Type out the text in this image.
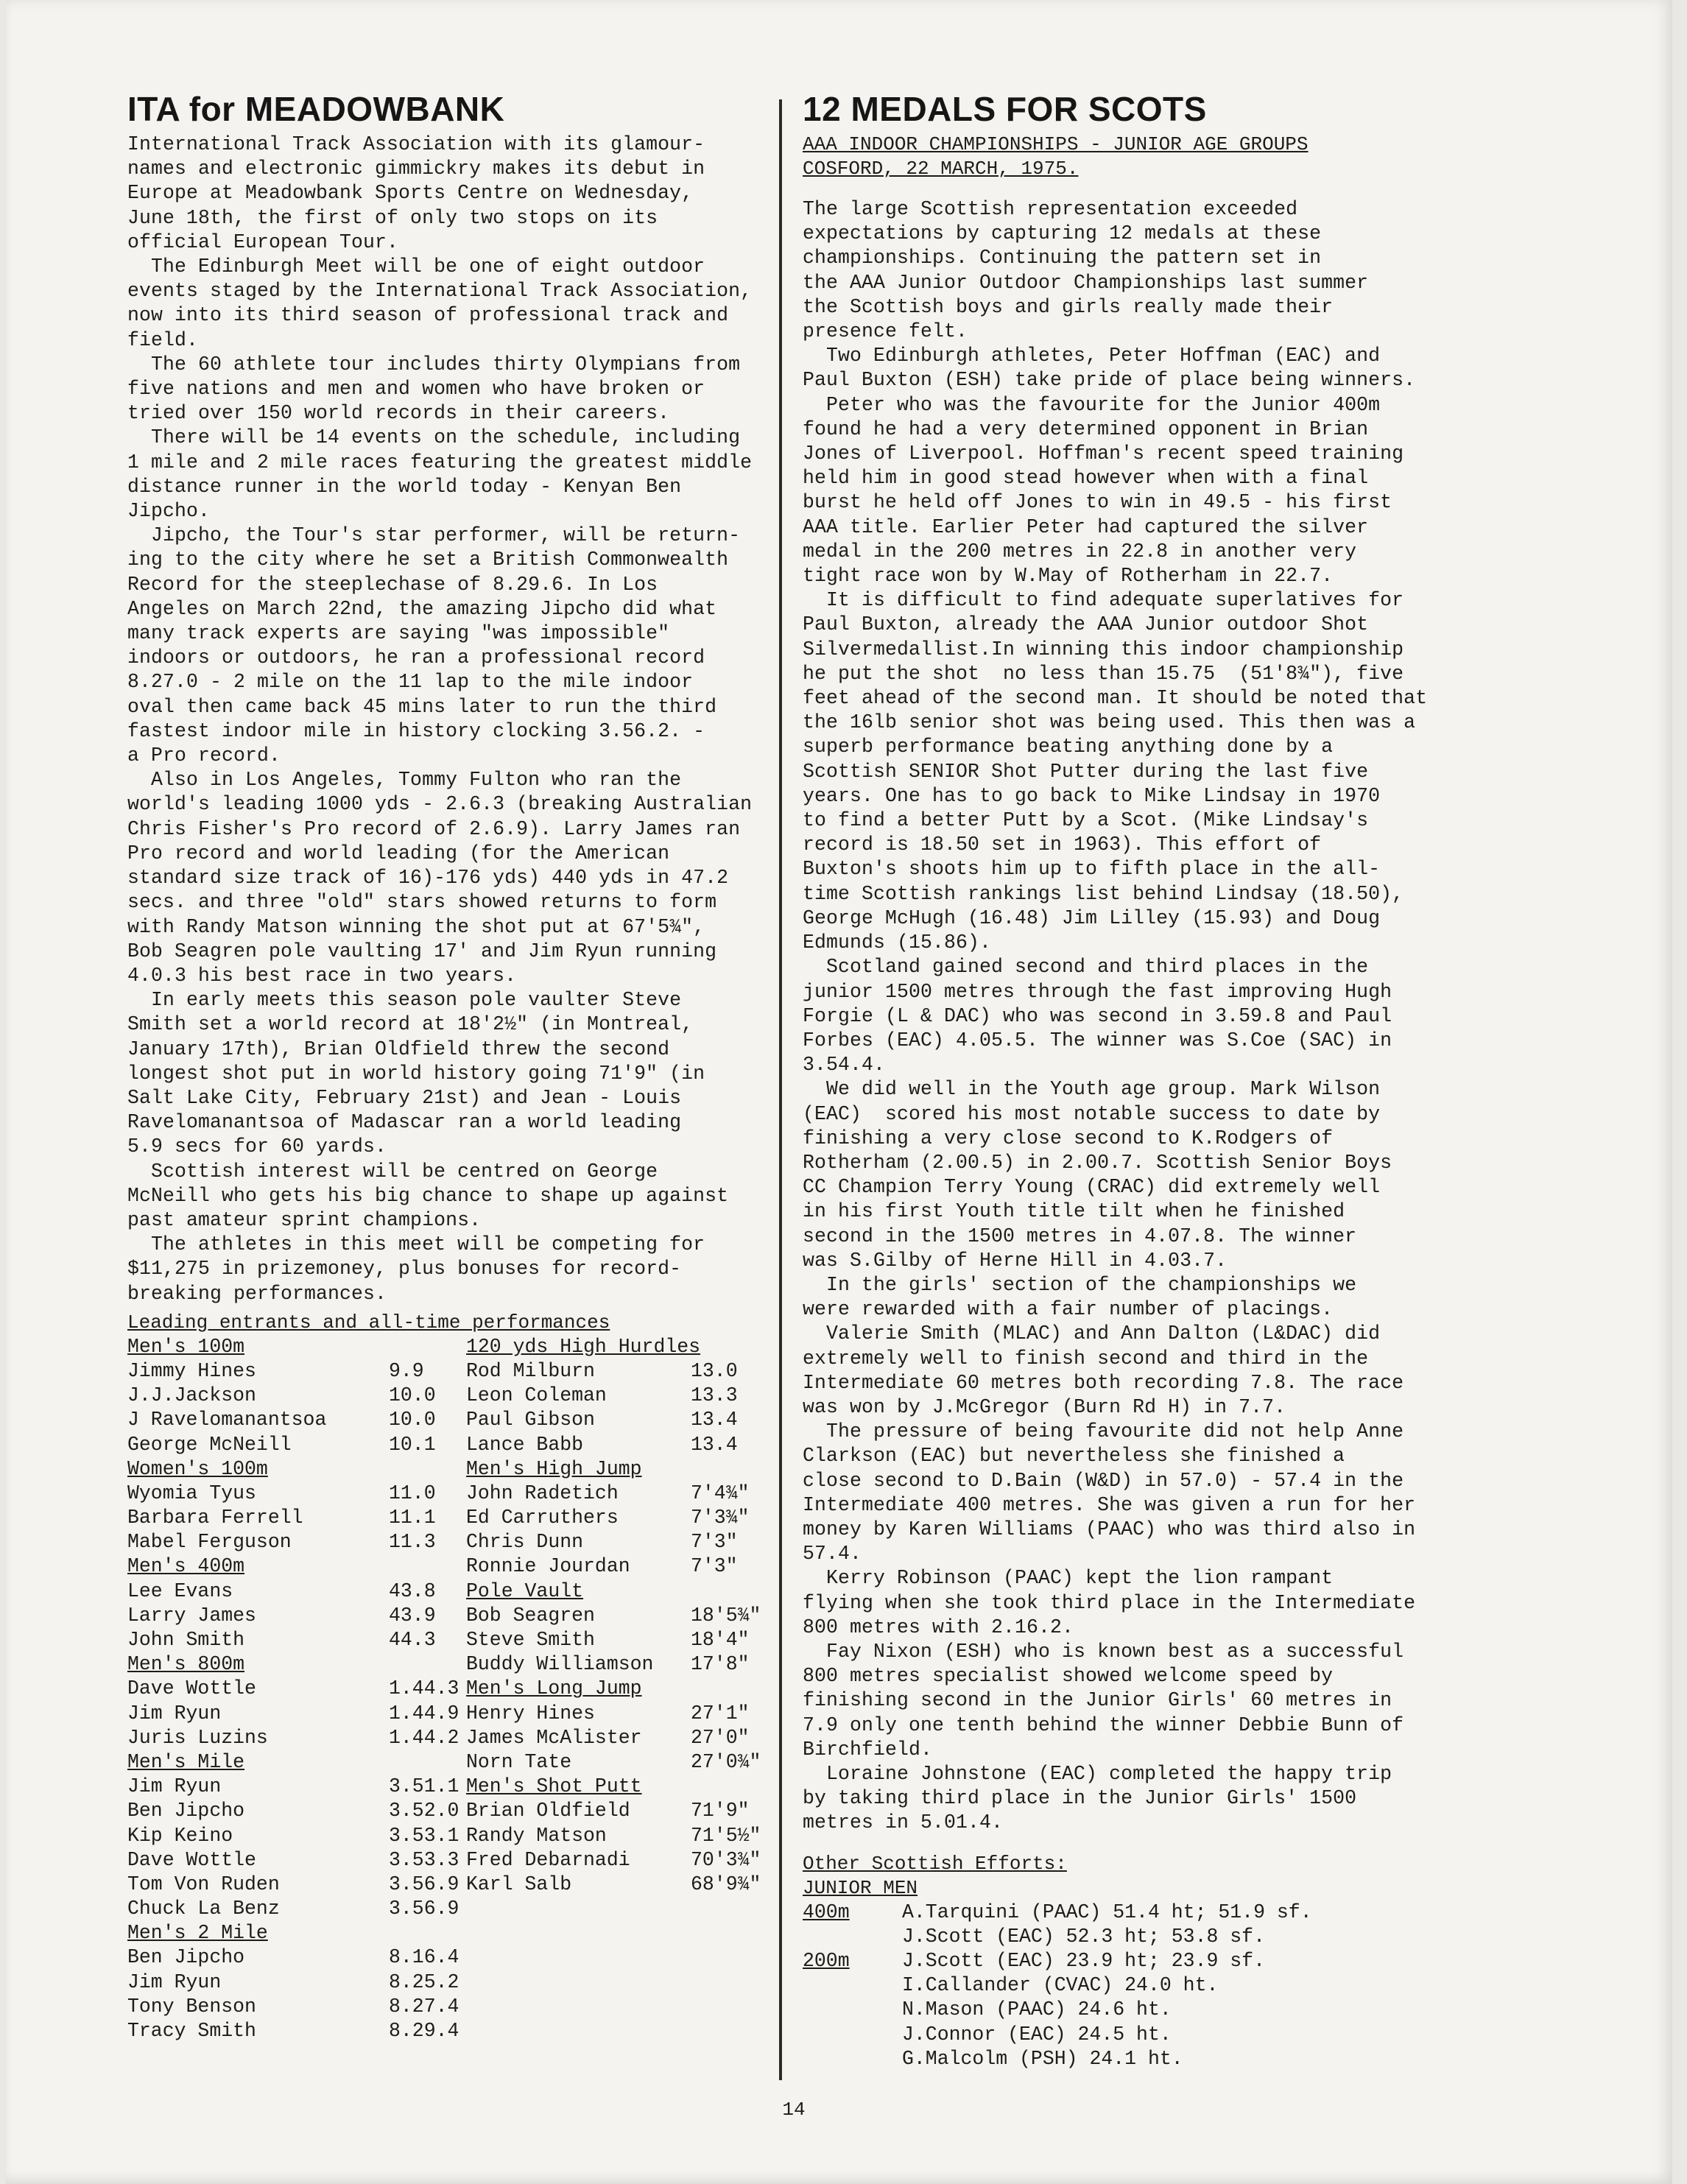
ITA for MEADOWBANK

International Track Association with its glamour-

names and electronic gimmickry makes its debut in

Europe at Meadowbank Sports Centre on Wednesday,

June 18th, the first of only two stops on its

official European Tour.

The Edinburgh Meet will be one of eight outdoor

events staged by the International Track Association,

now into its third season of professional track and

field.

The 60 athlete tour includes thirty Olympians from

five nations and men and women who have broken or

tried over 150 world records in their careers.

There will be 14 events on the schedule, including

1 mile and 2 mile races featuring the greatest middle

distance runner in the world today - Kenyan Ben

Jipcho.

Jipcho, the Tour's star performer, will be return-

ing to the city where he set a British Commonwealth

Record for the steeplechase of 8.29.6. In Los

Angeles on March 22nd, the amazing Jipcho did what

many track experts are saying "was impossible"

indoors or outdoors, he ran a professional record

8.27.0 - 2 mile on the 11 lap to the mile indoor

oval then came back 45 mins later to run the third

fastest indoor mile in history clocking 3.56.2. -

a Pro record.

Also in Los Angeles, Tommy Fulton who ran the

world's leading 1000 yds - 2.6.3 (breaking Australian

Chris Fisher's Pro record of 2.6.9). Larry James ran

Pro record and world leading (for the American

standard size track of 16)-176 yds) 440 yds in 47.2

secs. and three "old" stars showed returns to form

with Randy Matson winning the shot put at 67'5¾",

Bob Seagren pole vaulting 17' and Jim Ryun running

4.0.3 his best race in two years.

In early meets this season pole vaulter Steve

Smith set a world record at 18'2½" (in Montreal,

January 17th), Brian Oldfield threw the second

longest shot put in world history going 71'9" (in

Salt Lake City, February 21st) and Jean - Louis

Ravelomanantsoa of Madascar ran a world leading

5.9 secs for 60 yards.

Scottish interest will be centred on George

McNeill who gets his big chance to shape up against

past amateur sprint champions.

The athletes in this meet will be competing for

$11,275 in prizemoney, plus bonuses for record-

breaking performances.

Leading entrants and all-time performances
Men's 100m
Jimmy Hines	9.9
J.J.Jackson	10.0
J Ravelomanantsoa	10.0
George McNeill	10.1
Women's 100m
Wyomia Tyus	11.0
Barbara Ferrell	11.1
Mabel Ferguson	11.3
Men's 400m
Lee Evans	43.8
Larry James	43.9
John Smith	44.3
Men's 800m
Dave Wottle	1.44.3
Jim Ryun	1.44.9
Juris Luzins	1.44.2
Men's Mile
Jim Ryun	3.51.1
Ben Jipcho	3.52.0
Kip Keino	3.53.1
Dave Wottle	3.53.3
Tom Von Ruden	3.56.9
Chuck La Benz	3.56.9
Men's 2 Mile
Ben Jipcho	8.16.4
Jim Ryun	8.25.2
Tony Benson	8.27.4
Tracy Smith	8.29.4
120 yds High Hurdles
Rod Milburn	13.0
Leon Coleman	13.3
Paul Gibson	13.4
Lance Babb	13.4
Men's High Jump
John Radetich	7'4¾"
Ed Carruthers	7'3¾"
Chris Dunn	7'3"
Ronnie Jourdan	7'3"
Pole Vault
Bob Seagren	18'5¾"
Steve Smith	18'4"
Buddy Williamson 17'8"
Men's Long Jump
Henry Hines	27'1"
James McAlister	27'0"
Norn Tate	27'0¾"
Men's Shot Putt
Brian Oldfield	71'9"
Randy Matson	71'5½"
Fred Debarnadi	70'3¾"
Karl Salb	68'9¾"
12 MEDALS FOR SCOTS
AAA INDOOR CHAMPIONSHIPS - JUNIOR AGE GROUPS
COSFORD, 22 MARCH, 1975.

The large Scottish representation exceeded

expectations by capturing 12 medals at these

championships. Continuing the pattern set in

the AAA Junior Outdoor Championships last summer

the Scottish boys and girls really made their

presence felt.

Two Edinburgh athletes, Peter Hoffman (EAC) and

Paul Buxton (ESH) take pride of place being winners.

Peter who was the favourite for the Junior 400m

found he had a very determined opponent in Brian

Jones of Liverpool. Hoffman's recent speed training

held him in good stead however when with a final

burst he held off Jones to win in 49.5 - his first

AAA title. Earlier Peter had captured the silver

medal in the 200 metres in 22.8 in another very

tight race won by W.May of Rotherham in 22.7.

It is difficult to find adequate superlatives for

Paul Buxton, already the AAA Junior outdoor Shot

Silvermedallist.In winning this indoor championship

he put the shot  no less than 15.75  (51'8¾"), five

feet ahead of the second man. It should be noted that

the 16lb senior shot was being used. This then was a

superb performance beating anything done by a

Scottish SENIOR Shot Putter during the last five

years. One has to go back to Mike Lindsay in 1970

to find a better Putt by a Scot. (Mike Lindsay's

record is 18.50 set in 1963). This effort of

Buxton's shoots him up to fifth place in the all-

time Scottish rankings list behind Lindsay (18.50),

George McHugh (16.48) Jim Lilley (15.93) and Doug

Edmunds (15.86).

Scotland gained second and third places in the

junior 1500 metres through the fast improving Hugh

Forgie (L & DAC) who was second in 3.59.8 and Paul

Forbes (EAC) 4.05.5. The winner was S.Coe (SAC) in

3.54.4.

We did well in the Youth age group. Mark Wilson

(EAC)  scored his most notable success to date by

finishing a very close second to K.Rodgers of

Rotherham (2.00.5) in 2.00.7. Scottish Senior Boys

CC Champion Terry Young (CRAC) did extremely well

in his first Youth title tilt when he finished

second in the 1500 metres in 4.07.8. The winner

was S.Gilby of Herne Hill in 4.03.7.

In the girls' section of the championships we

were rewarded with a fair number of placings.

Valerie Smith (MLAC) and Ann Dalton (L&DAC) did

extremely well to finish second and third in the

Intermediate 60 metres both recording 7.8. The race

was won by J.McGregor (Burn Rd H) in 7.7.

The pressure of being favourite did not help Anne

Clarkson (EAC) but nevertheless she finished a

close second to D.Bain (W&D) in 57.0) - 57.4 in the

Intermediate 400 metres. She was given a run for her

money by Karen Williams (PAAC) who was third also in

57.4.

Kerry Robinson (PAAC) kept the lion rampant

flying when she took third place in the Intermediate

800 metres with 2.16.2.

Fay Nixon (ESH) who is known best as a successful

800 metres specialist showed welcome speed by

finishing second in the Junior Girls' 60 metres in

7.9 only one tenth behind the winner Debbie Bunn of

Birchfield.

Loraine Johnstone (EAC) completed the happy trip

by taking third place in the Junior Girls' 1500

metres in 5.01.4.

Other Scottish Efforts:
JUNIOR MEN
400m	A.Tarquini (PAAC) 51.4 ht; 51.9 sf.
J.Scott (EAC) 52.3 ht; 53.8 sf.
200m	J.Scott (EAC) 23.9 ht; 23.9 sf.
I.Callander (CVAC) 24.0 ht.
N.Mason (PAAC) 24.6 ht.
J.Connor (EAC) 24.5 ht.
G.Malcolm (PSH) 24.1 ht.
14
